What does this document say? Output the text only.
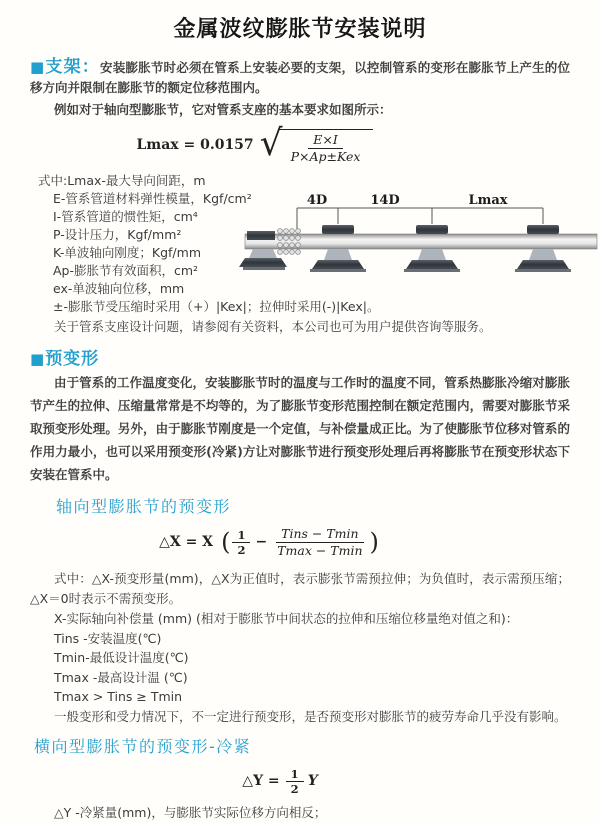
金属波纹膨胀节安装说明
■支架：安装膨胀节时必须在管系上安装必要的支架，以控制管系的变形在膨胀节上产生的位移方向并限制在膨胀节的额定位移范围内。
例如对于轴向型膨胀节，它对管系支座的基本要求如图所示：
Lmax = 0.0157 √ $\frac{E\times I}{\text{P×Ap±Kex}}$
式中:Lmax-最大导向间距，m
E-管系管道材料弹性模量，Kgf/cm²
I-管系管道的惯性矩，cm⁴
P-设计压力，Kgf/mm²
K-单波轴向刚度；Kgf/mm
Ap-膨胀节有效面积，cm²
ex-单波轴向位移，mm
±-膨胀节受压缩时采用（+）|Kex|；拉伸时采用(-)|Kex|。
关于管系支座设计问题，请参阅有关资料，本公司也可为用户提供咨询等服务。
4D	14D	Lmax
■预变形
由于管系的工作温度变化，安装膨胀节时的温度与工作时的温度不同，管系热膨胀冷缩对膨胀节产生的拉伸、压缩量常常是不均等的，为了膨胀节变形范围控制在额定范围内，需要对膨胀节采取预变形处理。另外，由于膨胀节刚度是一个定值，与补偿量成正比。为了使膨胀节位移对管系的作用力最小，也可以采用预变形(冷紧)方让对膨胀节进行预变形处理后再将膨胀节在预变形状态下安装在管系中。
轴向型膨胀节的预变形
△X = X ( $\frac{1}{2} - \frac{\text{Tins − Tmin}}{Tmax - Tmin}$ )
式中：△X-预变形量(mm)，△X为正值时，表示膨张节需预拉伸；为负值时，表示需预压缩；△X＝0时表示不需预变形。
X-实际轴向补偿量 (mm) (相对于膨胀节中间状态的拉伸和压缩位移量绝对值之和)：
Tins -安装温度(℃)
Tmin-最低设计温度(℃)
Tmax -最高设计温 (℃)
Tmax > Tins ≥ Tmin
一般变形和受力情况下，不一定进行预变形，是否预变形对膨胀节的疲劳寿命几乎没有影响。
横向型膨胀节的预变形-冷紧
△Y = $\frac{1}{2}$ Y
△Y -冷紧量(mm)，与膨胀节实际位移方向相反；
